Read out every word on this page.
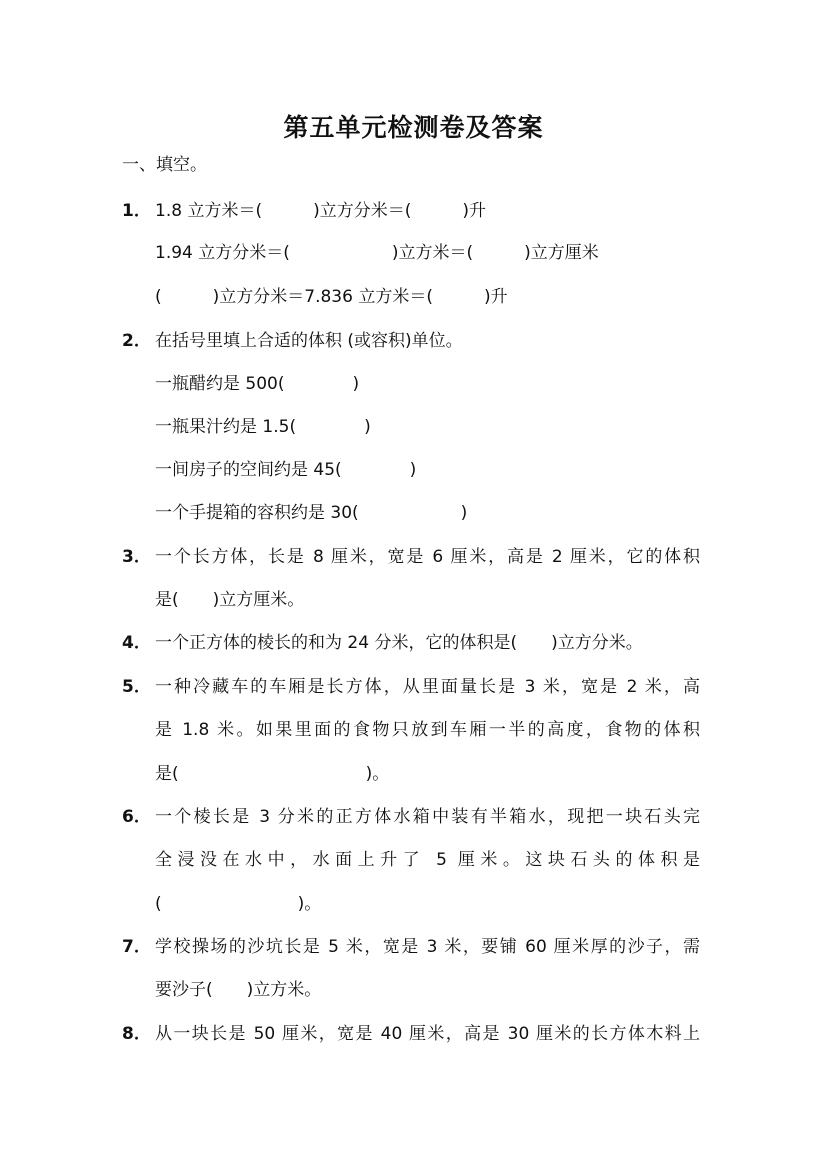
第五单元检测卷及答案
一、填空。
1． 1.8 立方米＝(　　　)立方分米＝(　　　)升
1.94 立方分米＝(　　　　　　)立方米＝(　　　)立方厘米
(　　　)立方分米＝7.836 立方米＝(　　　)升
2． 在括号里填上合适的体积 (或容积)单位。
一瓶醋约是 500(　　　　)
一瓶果汁约是 1.5(　　　　)
一间房子的空间约是 45(　　　　)
一个手提箱的容积约是 30(　　　　　　)
3． 一个长方体，长是 8 厘米，宽是 6 厘米，高是 2 厘米，它的体积
是(　　)立方厘米。
4． 一个正方体的棱长的和为 24 分米，它的体积是(　　)立方分米。
5． 一种冷藏车的车厢是长方体，从里面量长是 3 米，宽是 2 米，高
是 1.8 米。如果里面的食物只放到车厢一半的高度，食物的体积
是(　　　　　　　　　　　)。
6． 一个棱长是 3 分米的正方体水箱中装有半箱水，现把一块石头完
全浸没在水中，水面上升了 5 厘米。这块石头的体积是
(　　　　　　　　)。
7． 学校操场的沙坑长是 5 米，宽是 3 米，要铺 60 厘米厚的沙子，需
要沙子(　　)立方米。
8． 从一块长是 50 厘米，宽是 40 厘米，高是 30 厘米的长方体木料上
